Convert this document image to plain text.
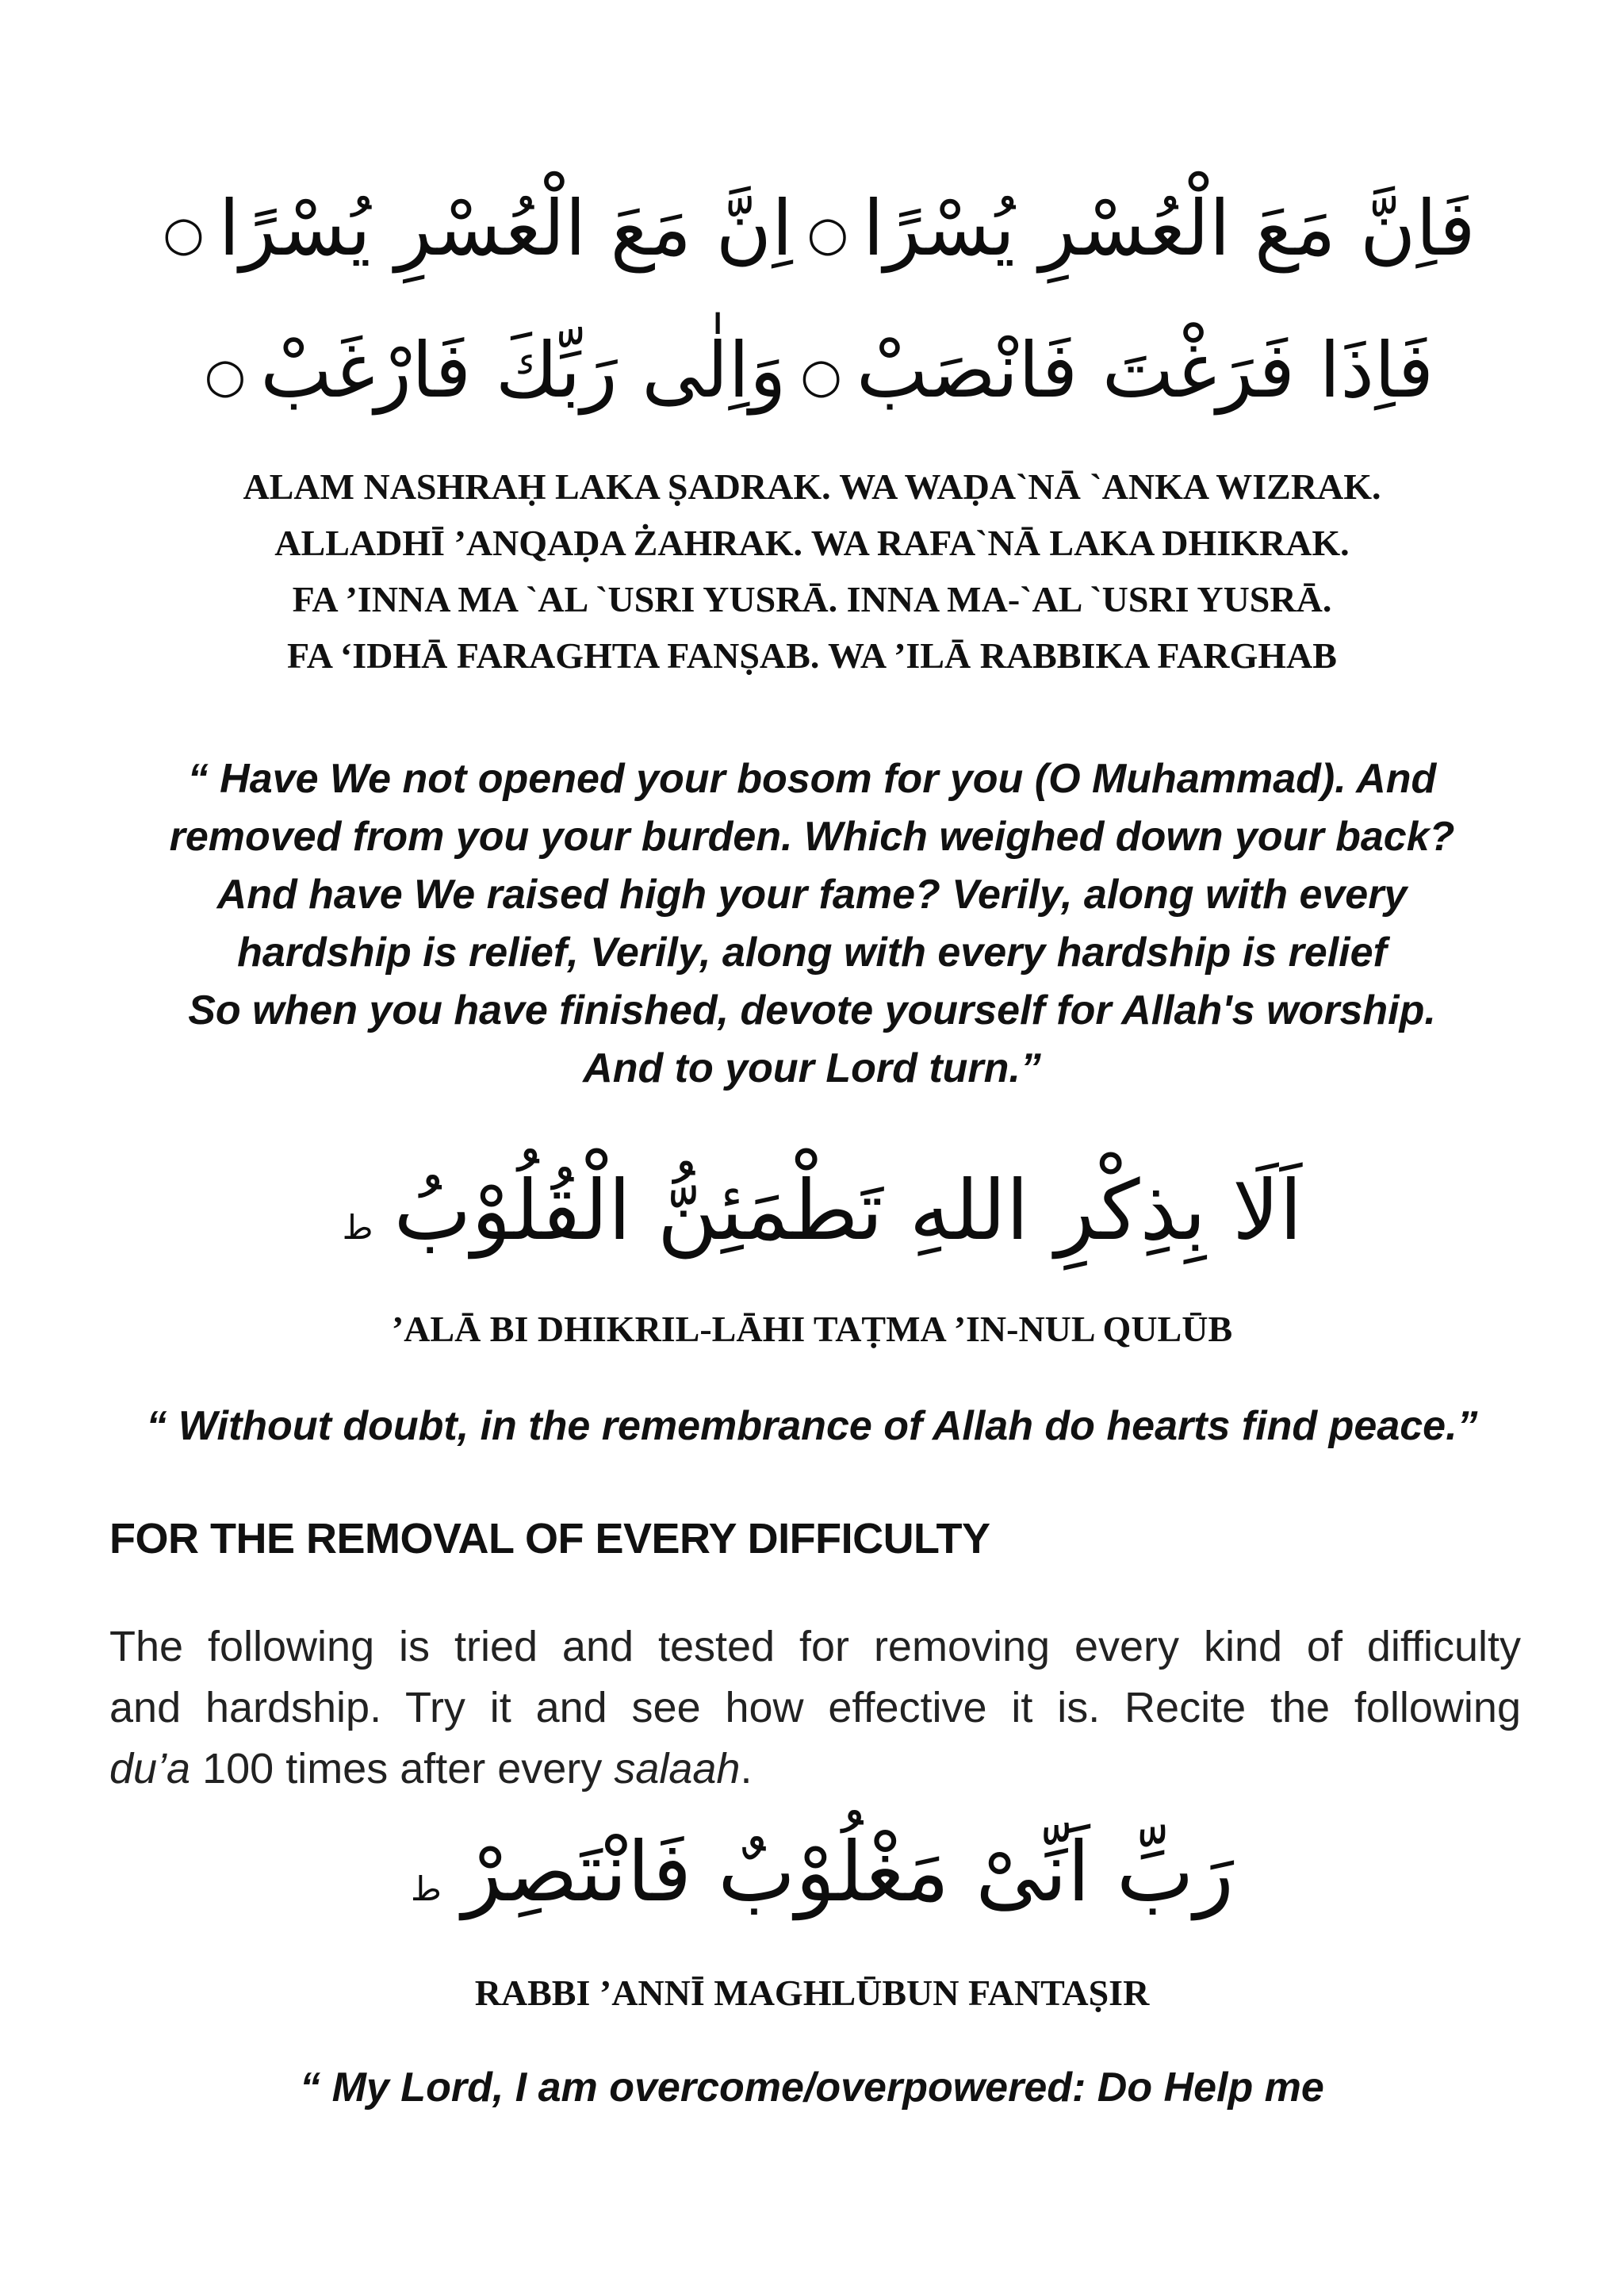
فَاِنَّ مَعَ الْعُسْرِ يُسْرًا○اِنَّ مَعَ الْعُسْرِ يُسْرًا○
فَاِذَا فَرَغْتَ فَانْصَبْ○وَاِلٰى رَبِّكَ فَارْغَبْ○
ALAM NASHRAḤ LAKA ṢADRAK. WA WAḌA`NĀ `ANKA WIZRAK.
ALLADHĪ ’ANQAḌA ŻAHRAK. WA RAFA`NĀ LAKA DHIKRAK.
FA ’INNA MA `AL `USRI YUSRĀ. INNA MA-`AL `USRI YUSRĀ.
FA ‘IDHĀ FARAGHTA FANṢAB. WA ’ILĀ RABBIKA FARGHAB
“ Have We not opened your bosom for you (O Muhammad). And
removed from you your burden. Which weighed down your back?
And have We raised high your fame? Verily, along with every
hardship is relief, Verily, along with every hardship is relief
So when you have finished, devote yourself for Allah's worship.
And to your Lord turn.”
اَلَا بِذِكْرِ اللهِ تَطْمَئِنُّ الْقُلُوْبُط
’ALĀ BI DHIKRIL-LĀHI TAṬMA ’IN-NUL QULŪB
“ Without doubt, in the remembrance of Allah do hearts find peace.”
FOR THE REMOVAL OF EVERY DIFFICULTY
The following is tried and tested for removing every kind of difficulty
and hardship. Try it and see how effective it is. Recite the following
du’a 100 times after every salaah.
رَبِّ اَنِّىْ مَغْلُوْبٌ فَانْتَصِرْط
RABBI ’ANNĪ MAGHLŪBUN FANTAṢIR
“ My Lord, I am overcome/overpowered: Do Help me
